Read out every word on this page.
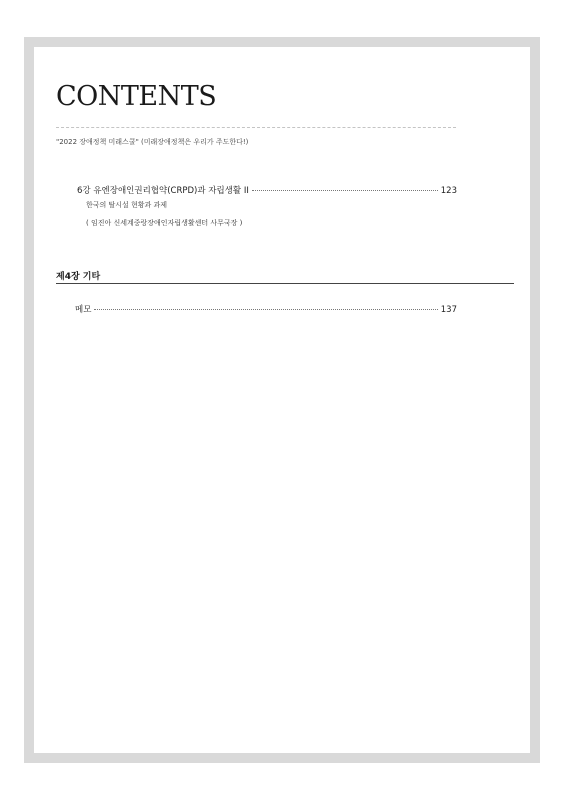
CONTENTS
"2022 장애정책 미래스쿨" (미래장애정책은 우리가 주도한다!)
6강 유엔장애인권리협약(CRPD)과 자립생활 II	123
한국의 탈시설 현황과 과제
( 임진아 신세계중랑장애인자립생활센터 사무국장 )
제4장 기타
메모	137
